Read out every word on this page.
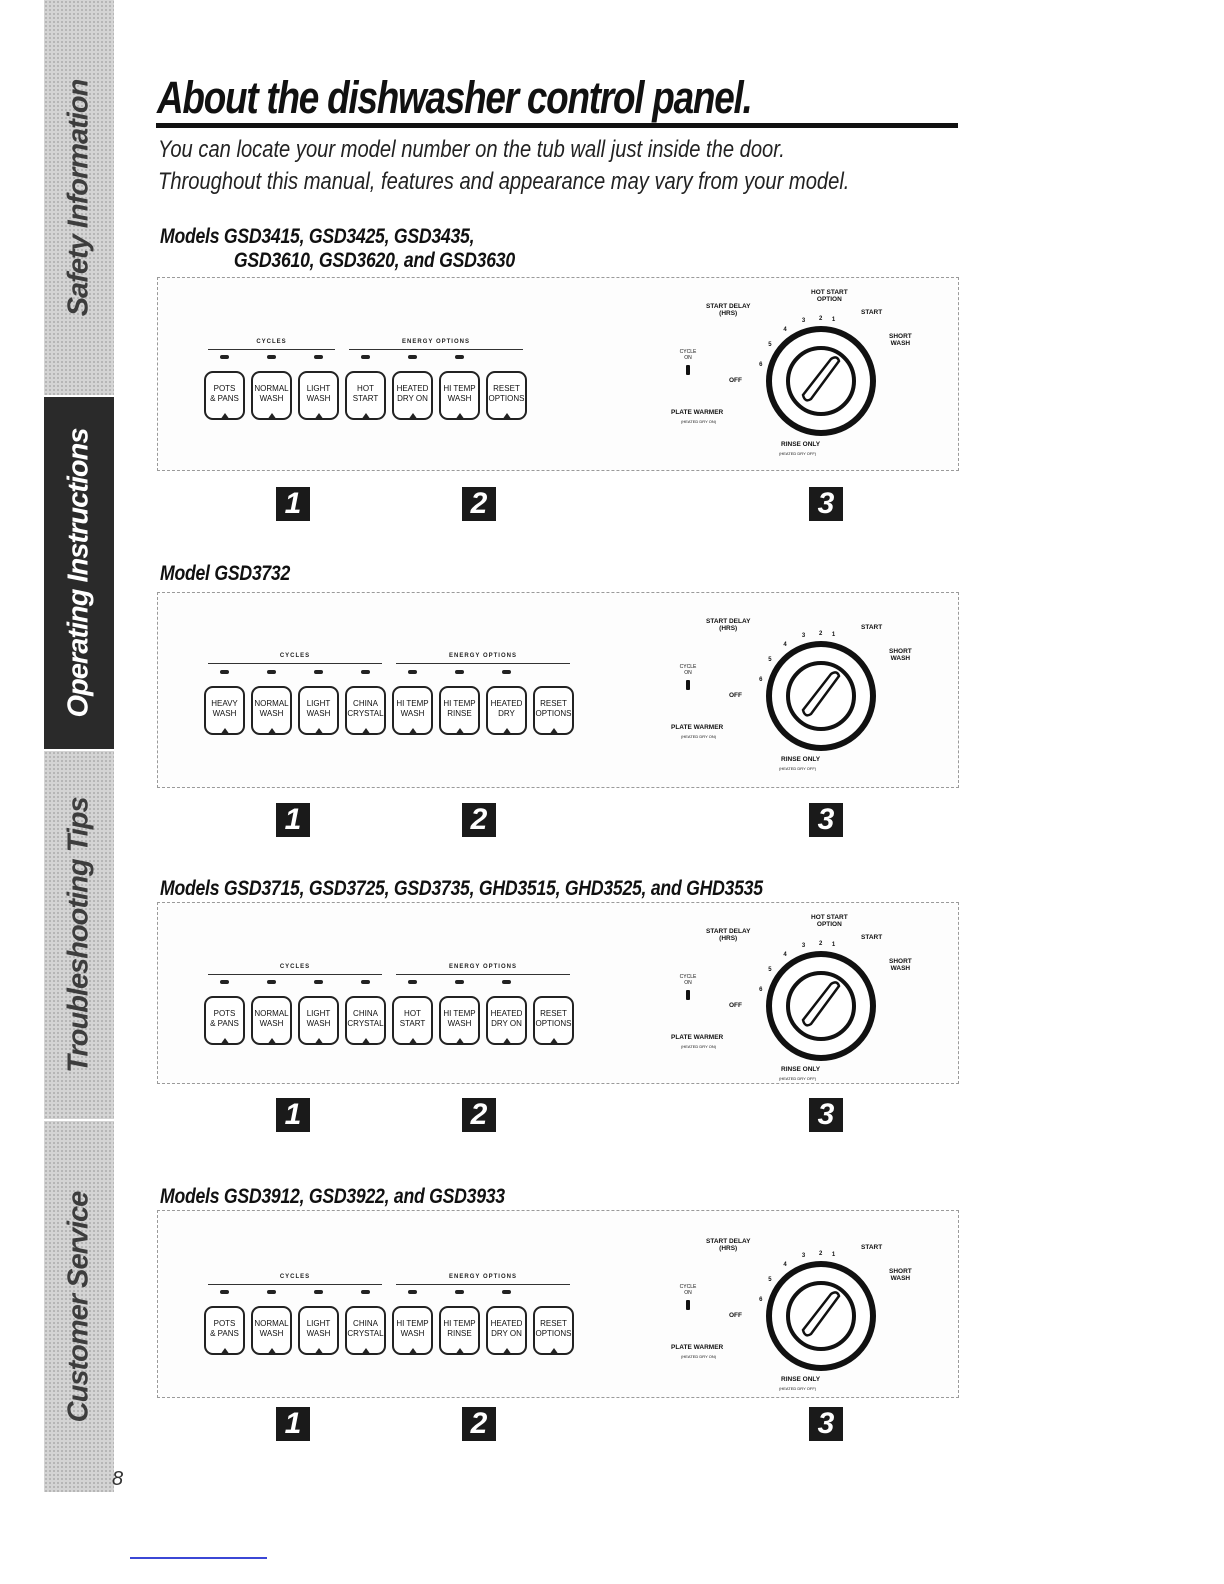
Safety Information
Operating Instructions
Troubleshooting Tips
Customer Service
8
About the dishwasher control panel.
You can locate your model number on the tub wall just inside the door.
Throughout this manual, features and appearance may vary from your model.
Models GSD3415, GSD3425, GSD3435,
GSD3610, GSD3620, and GSD3630
CYCLES	ENERGY OPTIONS
POTS
& PANS
NORMAL
WASH
LIGHT
WASH
HOT
START
HEATED
DRY ON
HI TEMP
WASH
RESET
OPTIONS
CYCLE
ON
HOT START
OPTION
START DELAY
(HRS)	START
SHORT
WASH
OFF
PLATE WARMER
(HEATED DRY ON)
RINSE ONLY
(HEATED DRY OFF)
1
2
3
4
5
6
1	2	3
Model GSD3732
CYCLES	ENERGY OPTIONS
HEAVY
WASH
NORMAL
WASH
LIGHT
WASH
CHINA
CRYSTAL
HI TEMP
WASH
HI TEMP
RINSE
HEATED
DRY
RESET
OPTIONS
CYCLE
ON
START DELAY
(HRS)	START
SHORT
WASH
OFF
PLATE WARMER
(HEATED DRY ON)
RINSE ONLY
(HEATED DRY OFF)
1
2
3
4
5
6
1	2	3
Models GSD3715, GSD3725, GSD3735, GHD3515, GHD3525, and GHD3535
CYCLES	ENERGY OPTIONS
POTS
& PANS
NORMAL
WASH
LIGHT
WASH
CHINA
CRYSTAL
HOT
START
HI TEMP
WASH
HEATED
DRY ON
RESET
OPTIONS
CYCLE
ON
HOT START
OPTION
START DELAY
(HRS)	START
SHORT
WASH
OFF
PLATE WARMER
(HEATED DRY ON)
RINSE ONLY
(HEATED DRY OFF)
1
2
3
4
5
6
1	2	3
Models GSD3912, GSD3922, and GSD3933
CYCLES	ENERGY OPTIONS
POTS
& PANS
NORMAL
WASH
LIGHT
WASH
CHINA
CRYSTAL
HI TEMP
WASH
HI TEMP
RINSE
HEATED
DRY ON
RESET
OPTIONS
CYCLE
ON
START DELAY
(HRS)	START
SHORT
WASH
OFF
PLATE WARMER
(HEATED DRY ON)
RINSE ONLY
(HEATED DRY OFF)
1
2
3
4
5
6
1	2	3
